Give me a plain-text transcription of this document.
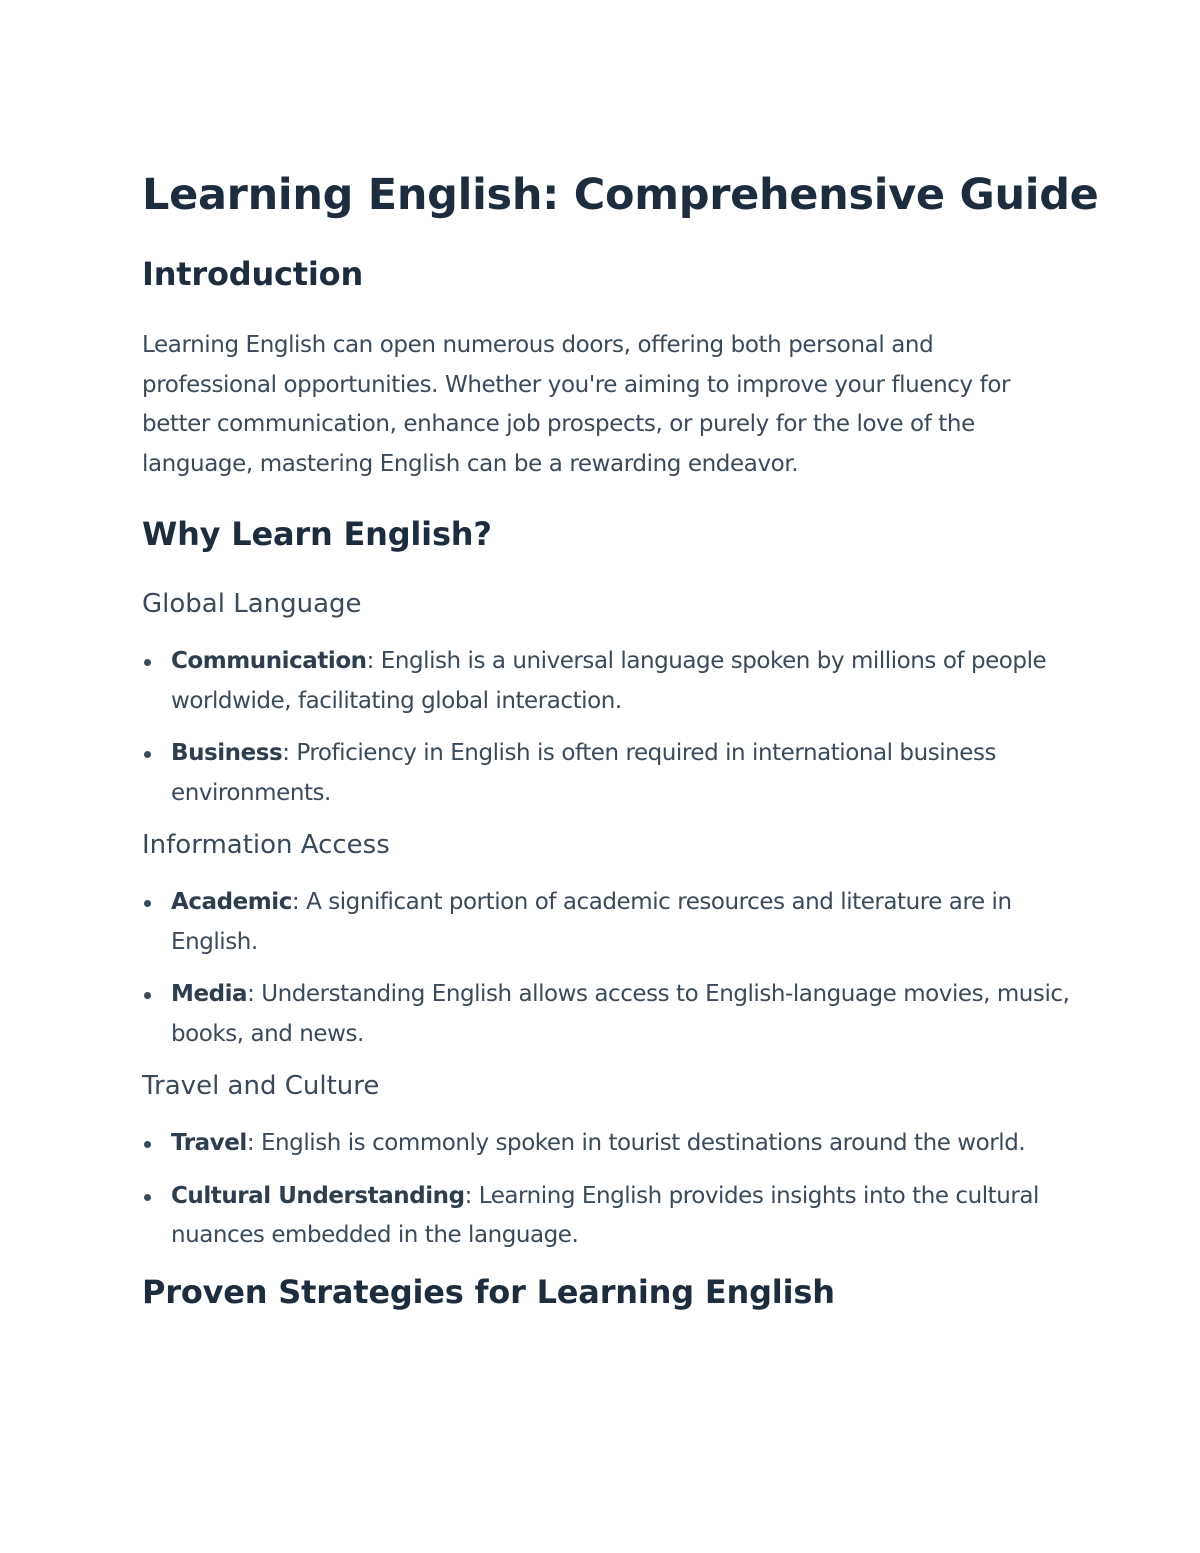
Learning English: Comprehensive Guide
Introduction

Learning English can open numerous doors, offering both personal and professional opportunities. Whether you're aiming to improve your fluency for better communication, enhance job prospects, or purely for the love of the language, mastering English can be a rewarding endeavor.

Why Learn English?
Global Language
Communication: English is a universal language spoken by millions of people worldwide, facilitating global interaction.
Business: Proficiency in English is often required in international business environments.
Information Access
Academic: A significant portion of academic resources and literature are in English.
Media: Understanding English allows access to English-language movies, music, books, and news.
Travel and Culture
Travel: English is commonly spoken in tourist destinations around the world.
Cultural Understanding: Learning English provides insights into the cultural nuances embedded in the language.
Proven Strategies for Learning English
